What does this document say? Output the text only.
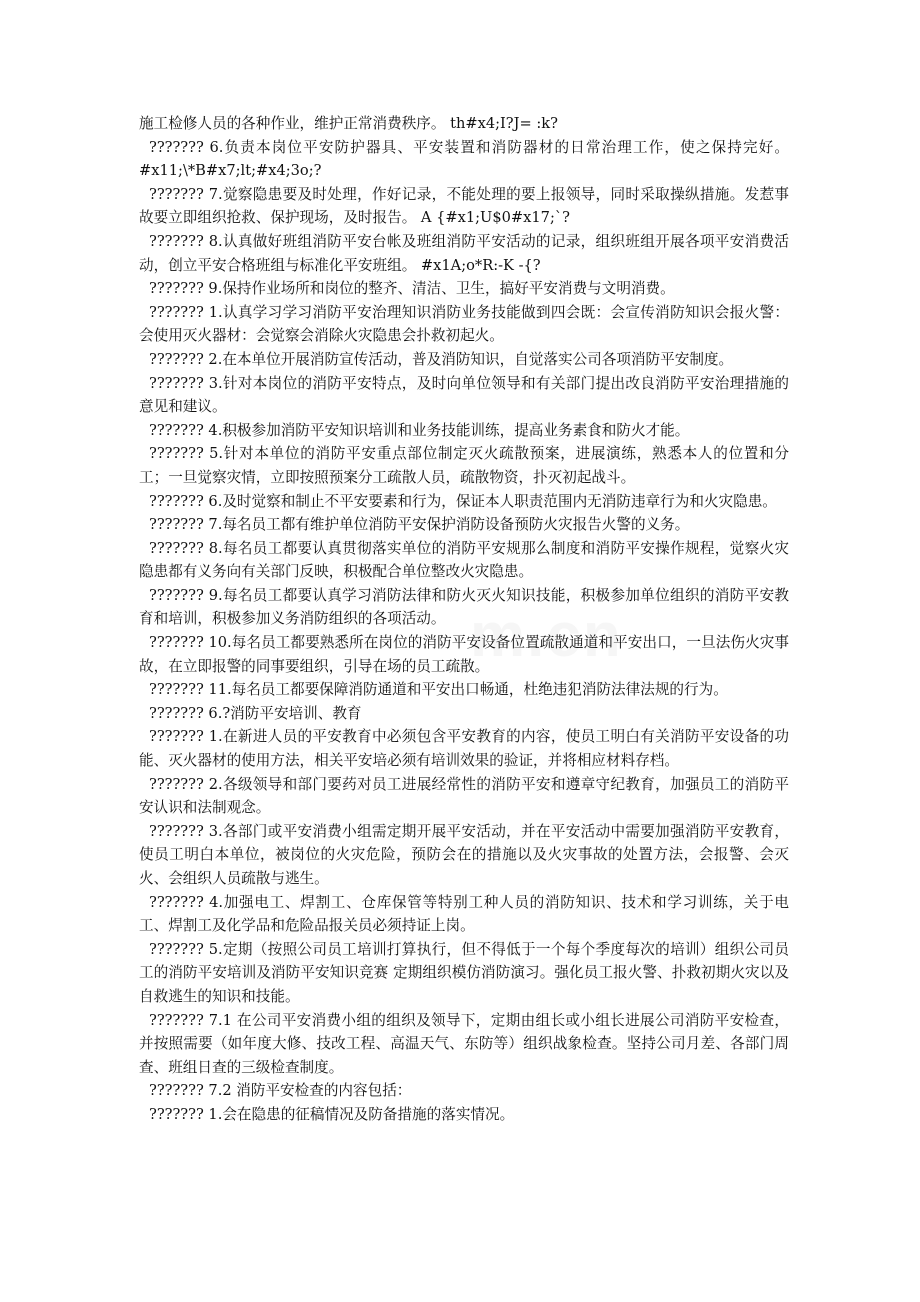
m.cn

施工检修人员的各种作业，维护正常消费秩序。 th#x4;I?J= :k?

??????? 6.负责本岗位平安防护器具、平安装置和消防器材的日常治理工作，使之保持完好。 #x11;\*B#x7;lt;#x4;3o;?

??????? 7.觉察隐患要及时处理，作好记录，不能处理的要上报领导，同时采取操纵措施。发惹事故要立即组织抢救、保护现场，及时报告。 A {#x1;U$0#x17;`?

??????? 8.认真做好班组消防平安台帐及班组消防平安活动的记录，组织班组开展各项平安消费活动，创立平安合格班组与标准化平安班组。 #x1A;o*R:-K -{?

??????? 9.保持作业场所和岗位的整齐、清洁、卫生，搞好平安消费与文明消费。

??????? 1.认真学习学习消防平安治理知识消防业务技能做到四会既：会宣传消防知识会报火警：会使用灭火器材：会觉察会消除火灾隐患会扑救初起火。

??????? 2.在本单位开展消防宣传活动，普及消防知识，自觉落实公司各项消防平安制度。

??????? 3.针对本岗位的消防平安特点，及时向单位领导和有关部门提出改良消防平安治理措施的意见和建议。

??????? 4.积极参加消防平安知识培训和业务技能训练，提高业务素食和防火才能。

??????? 5.针对本单位的消防平安重点部位制定灭火疏散预案，进展演练，熟悉本人的位置和分工；一旦觉察灾情，立即按照预案分工疏散人员，疏散物资，扑灭初起战斗。

??????? 6.及时觉察和制止不平安要素和行为，保证本人职责范围内无消防违章行为和火灾隐患。

??????? 7.每名员工都有维护单位消防平安保护消防设备预防火灾报告火警的义务。

??????? 8.每名员工都要认真贯彻落实单位的消防平安规那么制度和消防平安操作规程，觉察火灾隐患都有义务向有关部门反映，积极配合单位整改火灾隐患。

??????? 9.每名员工都要认真学习消防法律和防火灭火知识技能，积极参加单位组织的消防平安教育和培训，积极参加义务消防组织的各项活动。

??????? 10.每名员工都要熟悉所在岗位的消防平安设备位置疏散通道和平安出口，一旦法伤火灾事故，在立即报警的同事要组织，引导在场的员工疏散。

??????? 11.每名员工都要保障消防通道和平安出口畅通，杜绝违犯消防法律法规的行为。

??????? 6.?消防平安培训、教育

??????? 1.在新进人员的平安教育中必须包含平安教育的内容，使员工明白有关消防平安设备的功能、灭火器材的使用方法，相关平安培必须有培训效果的验证，并将相应材料存档。

??????? 2.各级领导和部门要药对员工进展经常性的消防平安和遵章守纪教育，加强员工的消防平安认识和法制观念。

??????? 3.各部门或平安消费小组需定期开展平安活动，并在平安活动中需要加强消防平安教育，使员工明白本单位，被岗位的火灾危险，预防会在的措施以及火灾事故的处置方法，会报警、会灭火、会组织人员疏散与逃生。

??????? 4.加强电工、焊割工、仓库保管等特别工种人员的消防知识、技术和学习训练，关于电工、焊割工及化学品和危险品报关员必须持证上岗。

??????? 5.定期（按照公司员工培训打算执行，但不得低于一个每个季度每次的培训）组织公司员工的消防平安培训及消防平安知识竞赛 定期组织模仿消防演习。强化员工报火警、扑救初期火灾以及自救逃生的知识和技能。

??????? 7.1 在公司平安消费小组的组织及领导下，定期由组长或小组长进展公司消防平安检查，并按照需要（如年度大修、技改工程、高温天气、东防等）组织战象检查。坚持公司月差、各部门周查、班组日查的三级检查制度。

??????? 7.2 消防平安检查的内容包括：

??????? 1.会在隐患的征稿情况及防备措施的落实情况。
